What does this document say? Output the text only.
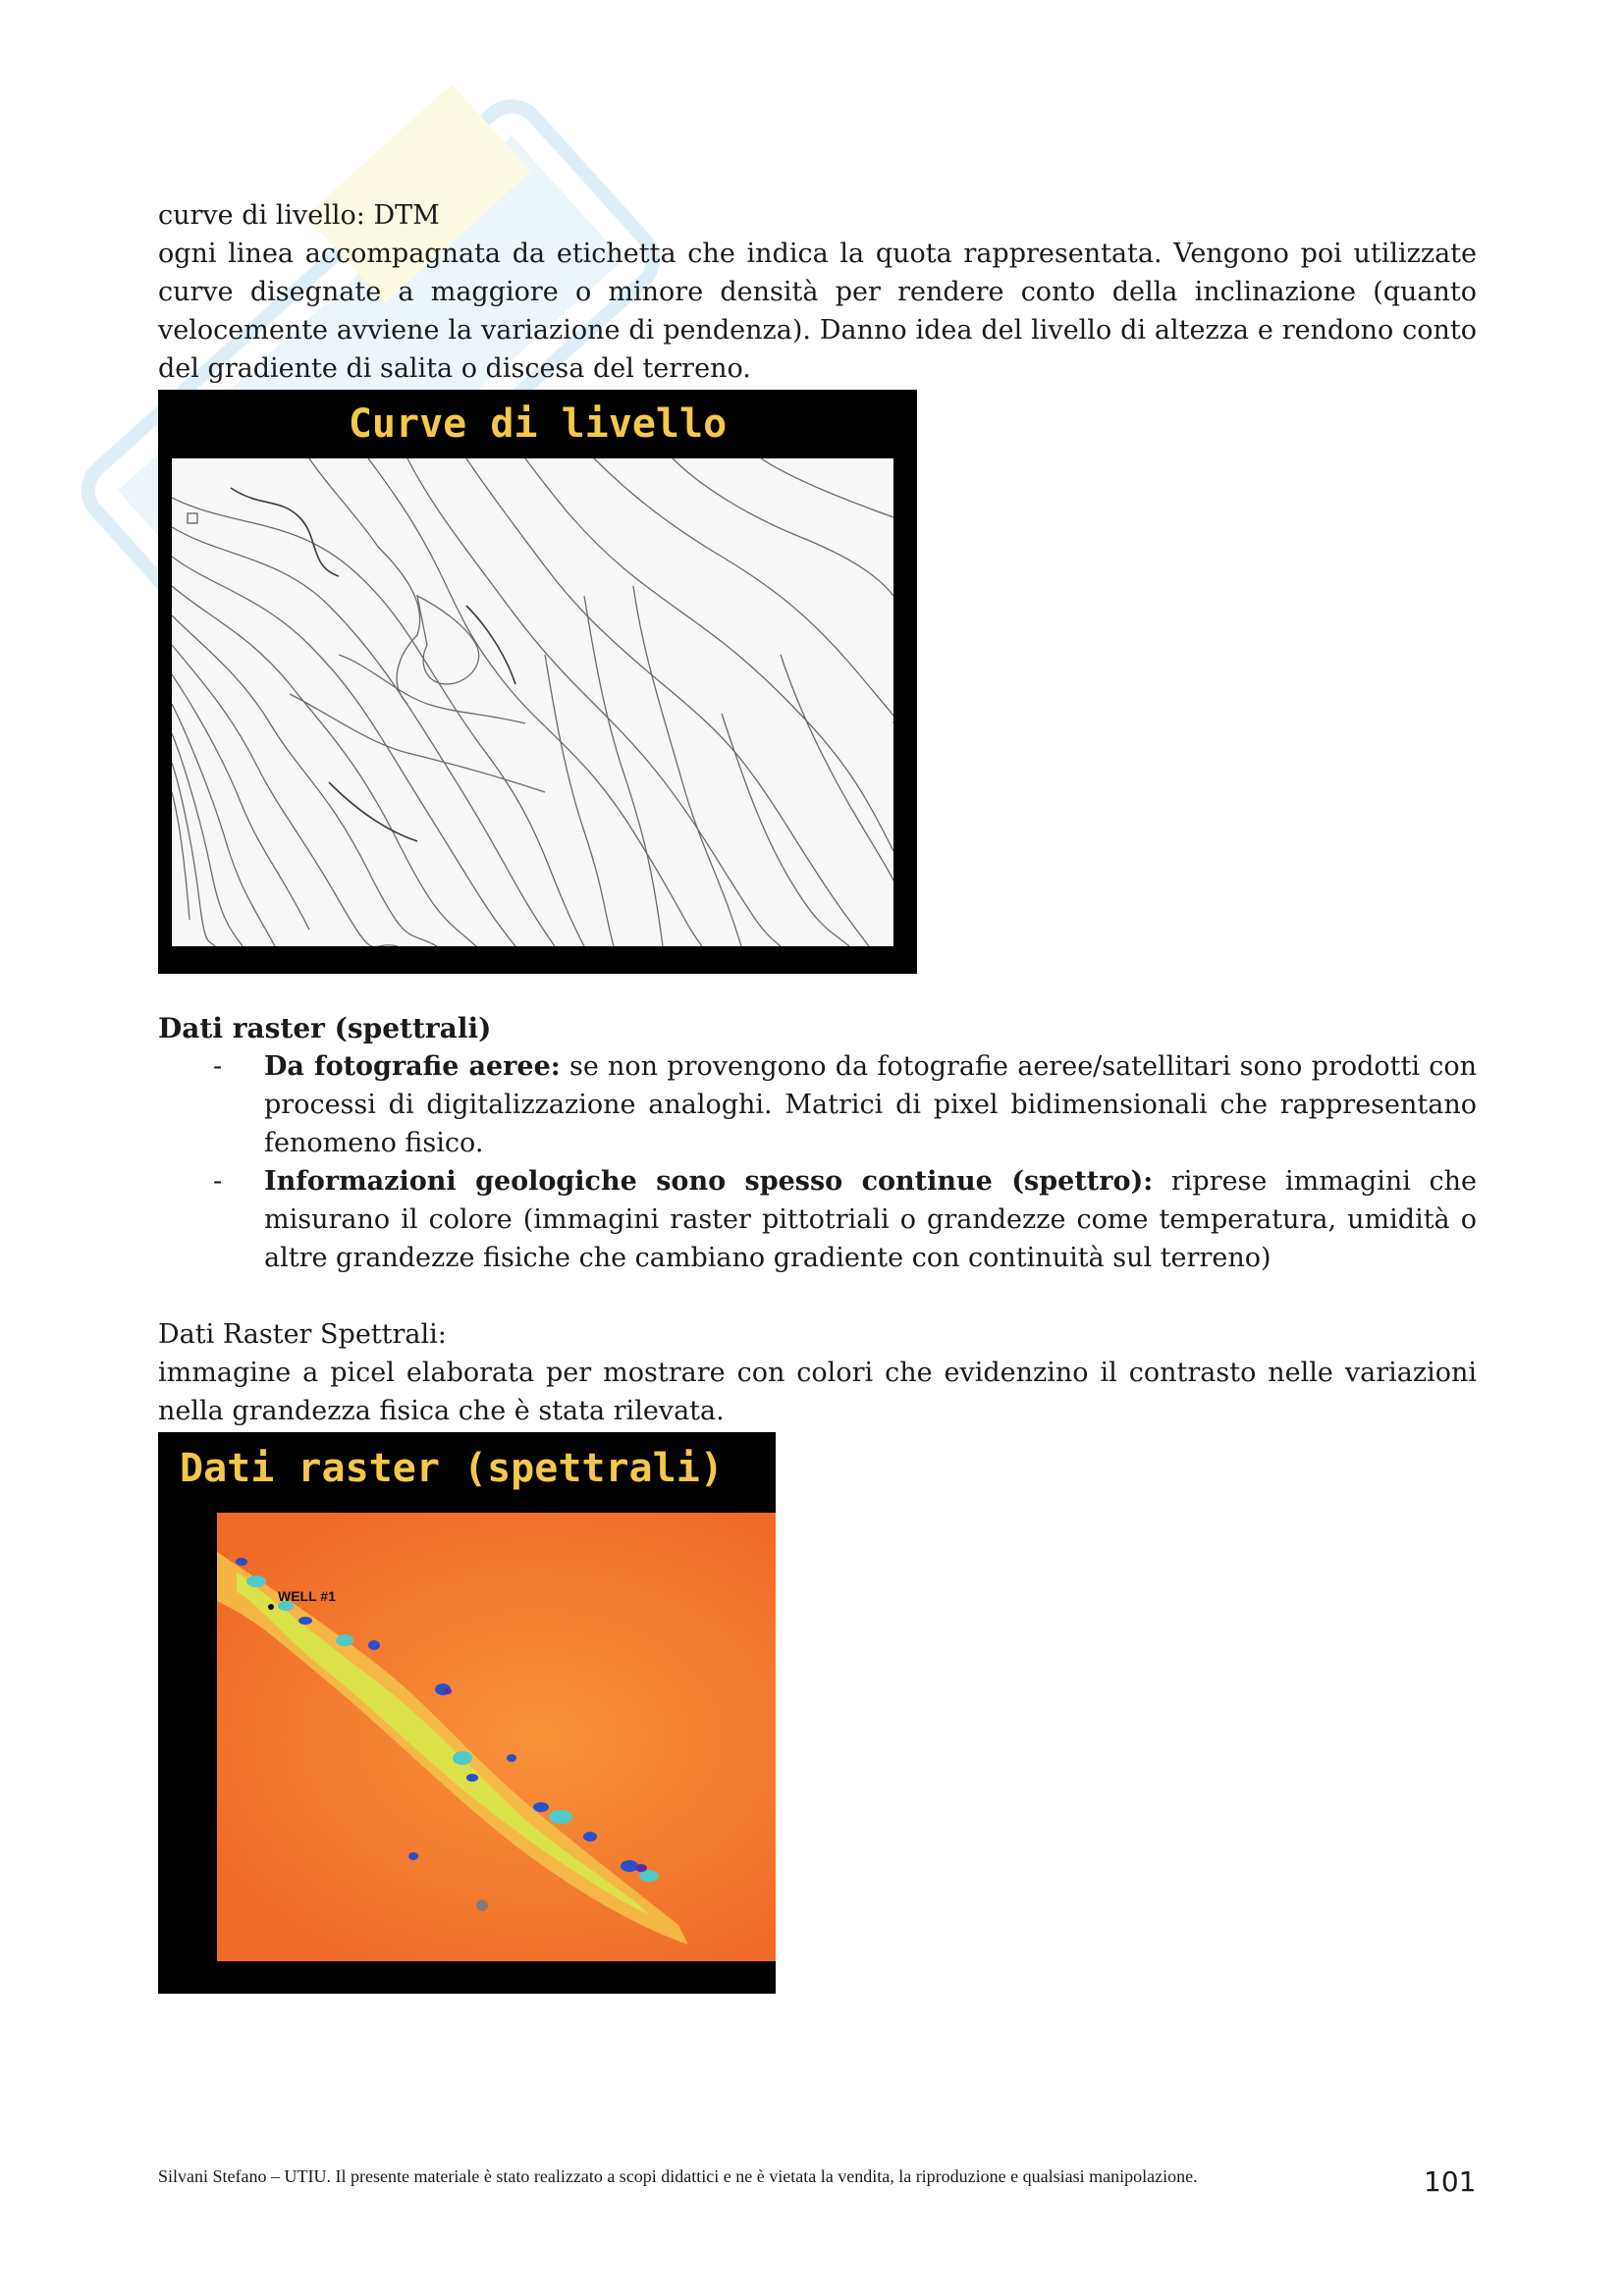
curve di livello: DTM

ogni linea accompagnata da etichetta che indica la quota rappresentata. Vengono poi utilizzate curve disegnate a maggiore o minore densità per rendere conto della inclinazione (quanto velocemente avviene la variazione di pendenza). Danno idea del livello di altezza e rendono conto del gradiente di salita o discesa del terreno.

Curve di livello

Dati raster (spettrali)

- Da fotografie aeree: se non provengono da fotografie aeree/satellitari sono prodotti con processi di digitalizzazione analoghi. Matrici di pixel bidimensionali che rappresentano fenomeno fisico.
- Informazioni geologiche sono spesso continue (spettro): riprese immagini che misurano il colore (immagini raster pittotriali o grandezze come temperatura, umidità o altre grandezze fisiche che cambiano gradiente con continuità sul terreno)

Dati Raster Spettrali:

immagine a picel elaborata per mostrare con colori che evidenzino il contrasto nelle variazioni nella grandezza fisica che è stata rilevata.

Dati raster (spettrali)
WELL #1
Silvani Stefano – UTIU. Il presente materiale è stato realizzato a scopi didattici e ne è vietata la vendita, la riproduzione e qualsiasi manipolazione.	101
